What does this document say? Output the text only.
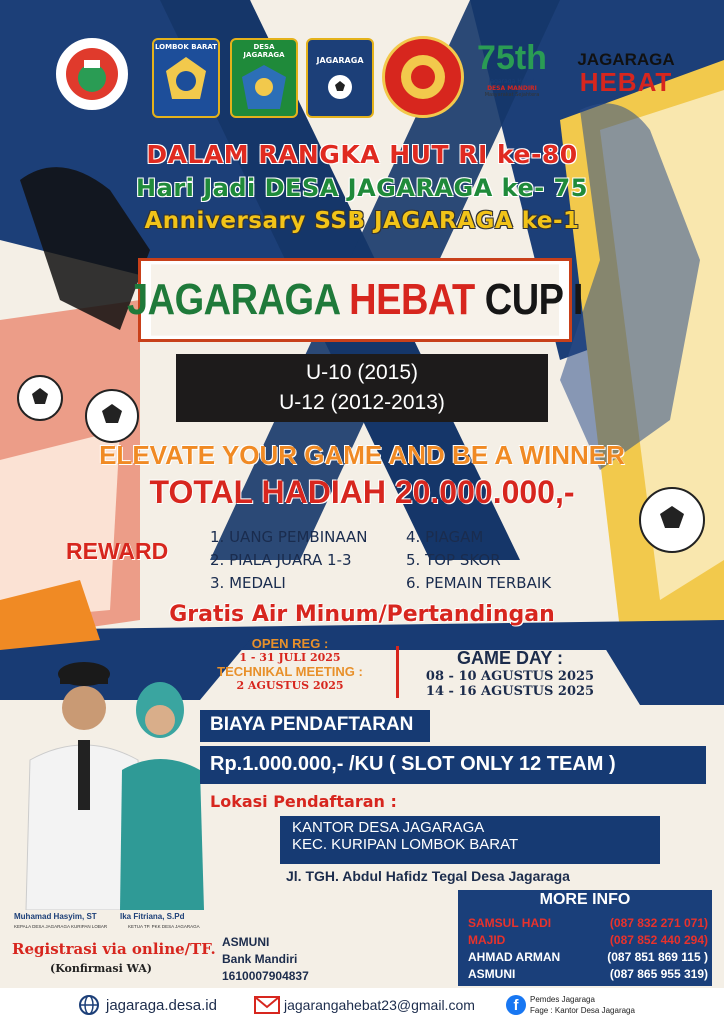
LOMBOK BARAT	DESA JAGARAGA
JAGARAGA	75th
Jagaraga Hebat
DESA MANDIRI
Masyarakat Sejahtera
JAGARAGA
HEBAT
DALAM RANGKA HUT RI ke-80
Hari Jadi DESA JAGARAGA ke- 75
Anniversary SSB JAGARAGA ke-1
JAGARAGA HEBAT CUP I
U-10 (2015)
U-12 (2012-2013)
ELEVATE YOUR GAME AND BE A WINNER
TOTAL HADIAH 20.000.000,-
REWARD
1. UANG PEMBINAAN
2. PIALA JUARA 1-3
3. MEDALI
4. PIAGAM
5. TOP SKOR
6. PEMAIN TERBAIK
Gratis Air Minum/Pertandingan
OPEN REG :
1 - 31 JULI 2025
TECHNIKAL MEETING :
2 AGUSTUS 2025
GAME DAY :
08 - 10 AGUSTUS 2025
14 - 16 AGUSTUS 2025
Muhamad Hasyim, ST	Ika Fitriana, S.Pd
KEPALA DESA JAGARAGA KURIPAN LOBAR	KETUA TP. PKK DESA JAGARAGA
BIAYA PENDAFTARAN
Rp.1.000.000,- /KU ( SLOT ONLY 12 TEAM )
Lokasi Pendaftaran :
KANTOR DESA JAGARAGA
KEC. KURIPAN LOMBOK BARAT
Jl. TGH. Abdul Hafidz Tegal Desa Jagaraga
Registrasi via online/TF.
(Konfirmasi WA)
ASMUNI
Bank Mandiri
1610007904837
MORE INFO
SAMSUL HADI	(087 832 271 071)
MAJID	(087 852 440 294)
AHMAD ARMAN	(087 851 869 115 )
ASMUNI	(087 865 955 319)
jagaraga.desa.id	jagarangahebat23@gmail.com	f	Pemdes Jagaraga
Fage : Kantor Desa Jagaraga
